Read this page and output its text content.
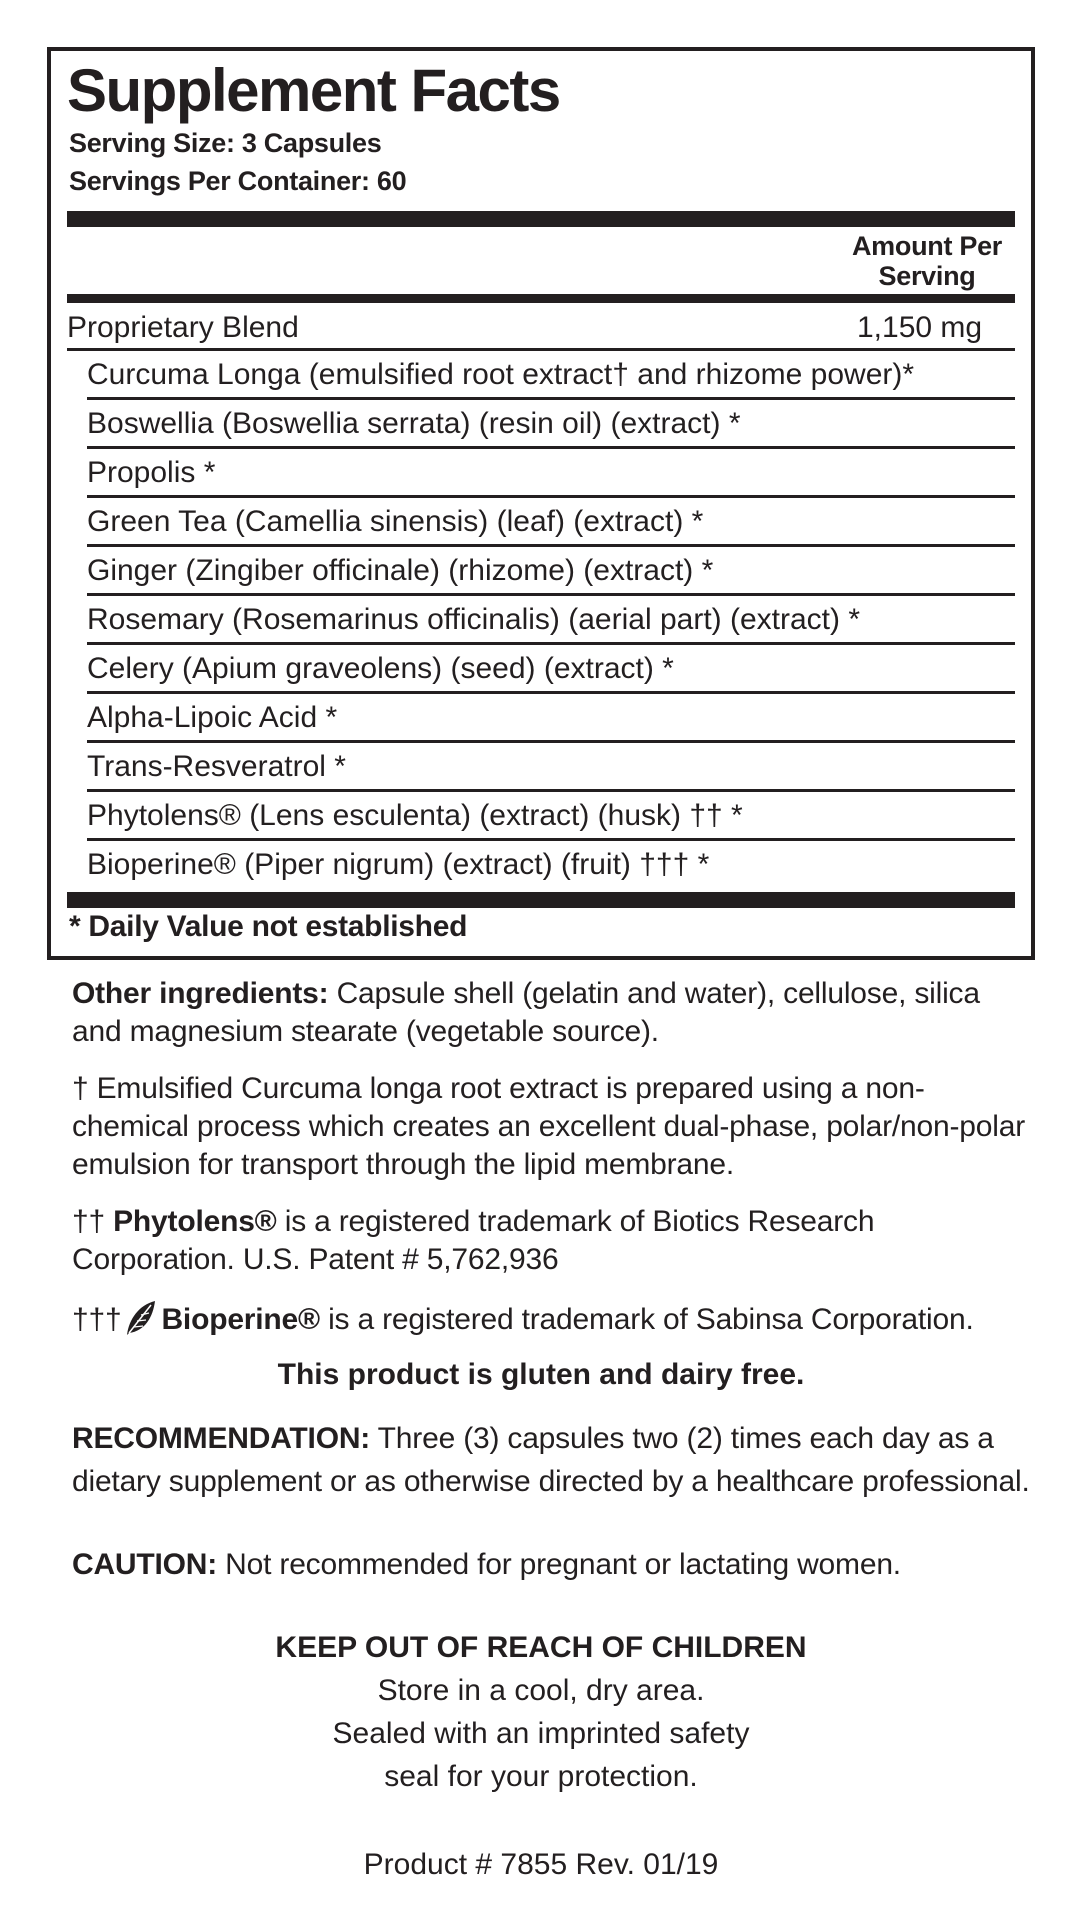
Supplement Facts
Serving Size: 3 Capsules
Servings Per Container: 60
Amount Per
Serving
Proprietary Blend	1,150 mg
Curcuma Longa (emulsified root extract† and rhizome power)*
Boswellia (Boswellia serrata) (resin oil) (extract) *
Propolis *
Green Tea (Camellia sinensis) (leaf) (extract) *
Ginger (Zingiber officinale) (rhizome) (extract) *
Rosemary (Rosemarinus officinalis) (aerial part) (extract) *
Celery (Apium graveolens) (seed) (extract) *
Alpha-Lipoic Acid *
Trans-Resveratrol *
Phytolens® (Lens esculenta) (extract) (husk) †† *
Bioperine® (Piper nigrum) (extract) (fruit) ††† *
* Daily Value not established

Other ingredients: Capsule shell (gelatin and water), cellulose, silica and magnesium stearate (vegetable source).

† Emulsified Curcuma longa root extract is prepared using a non-chemical process which creates an excellent dual-phase, polar/non-polar emulsion for transport through the lipid membrane.

†† Phytolens® is a registered trademark of Biotics Research Corporation. U.S. Patent # 5,762,936

††† Bioperine® is a registered trademark of Sabinsa Corporation.

This product is gluten and dairy free.

RECOMMENDATION: Three (3) capsules two (2) times each day as a dietary supplement or as otherwise directed by a healthcare professional.

CAUTION: Not recommended for pregnant or lactating women.

KEEP OUT OF REACH OF CHILDREN
Store in a cool, dry area.
Sealed with an imprinted safety
seal for your protection.
Product # 7855 Rev. 01/19
